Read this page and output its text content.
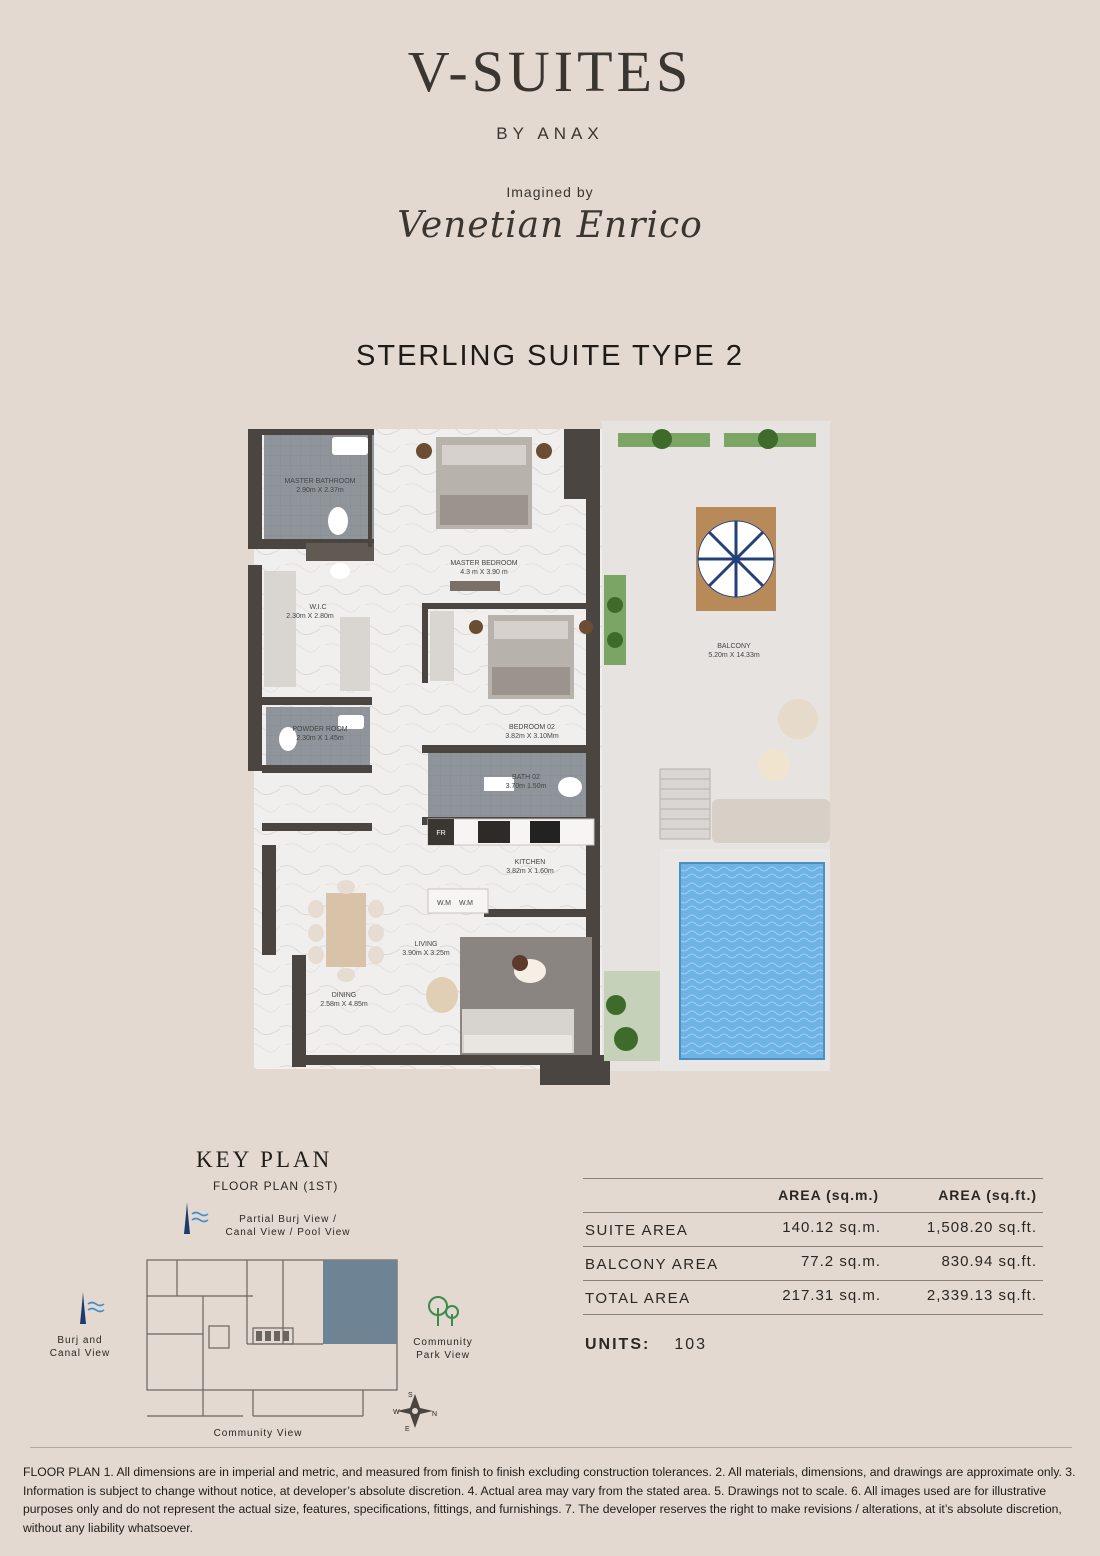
V-SUITES
BY ANAX
Imagined by
Venetian Enrico
STERLING SUITE TYPE 2
MASTER BATHROOM
2.90m X 2.37m
MASTER BEDROOM
4.3 m X 3.90 m
W.I.C
2.30m X 2.80m
POWDER ROOM
2.30m X 1.45m
BEDROOM 02
3.82m X 3.10Mm
BATH 02
3.70m 1.50m
KITCHEN
3.82m X 1.60m
LIVING
3.90m X 3.25m
DINING
2.58m X 4.85m
BALCONY
5.20m X 14.33m
FR
W.M W.M
KEY PLAN
FLOOR PLAN (1ST)
Partial Burj View /
Canal View / Pool View
Burj and
Canal View
Community
Park View
W	N
S
E
Community View
AREA (sq.m.)	AREA (sq.ft.)
SUITE AREA	140.12 sq.m.	1,508.20 sq.ft.
BALCONY AREA	77.2 sq.m.	830.94 sq.ft.
TOTAL AREA	217.31 sq.m.	2,339.13 sq.ft.
UNITS: 103
FLOOR PLAN 1. All dimensions are in imperial and metric, and measured from finish to finish excluding construction tolerances. 2. All materials, dimensions, and drawings are approximate only. 3. Information is subject to change without notice, at developer’s absolute discretion. 4. Actual area may vary from the stated area. 5. Drawings not to scale. 6. All images used are for illustrative purposes only and do not represent the actual size, features, specifications, fittings, and furnishings. 7. The developer reserves the right to make revisions / alterations, at it’s absolute discretion, without any liability whatsoever.
